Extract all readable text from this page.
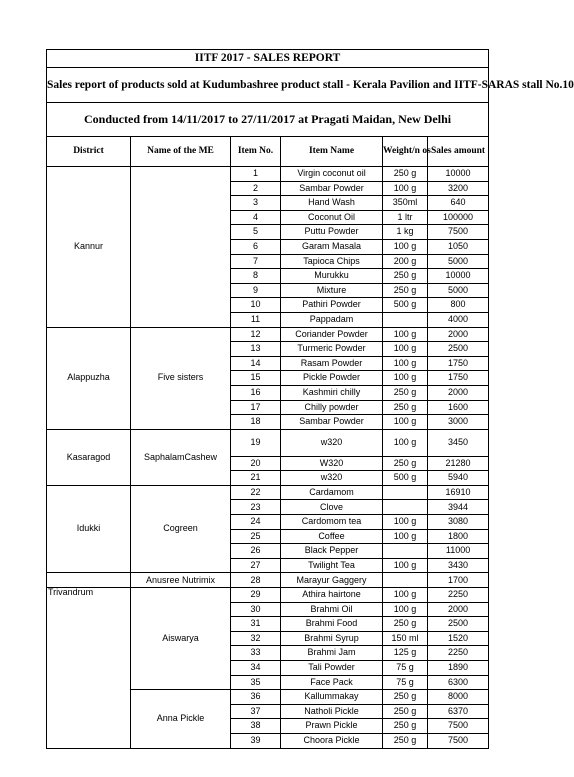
IITF 2017 - SALES REPORT					
Sales report of products sold at Kudumbashree product stall - Kerala Pavilion and IITF-SARAS stall No.10					
Conducted from 14/11/2017 to 27/11/2017 at Pragati Maidan, New Delhi					
District	Name of the ME	Item No.	Item Name	Weight/n os	Sales amount
Kannur		1	Virgin coconut oil	250 g	10000
		2	Sambar Powder	100 g	3200
		3	Hand Wash	350ml	640
		4	Coconut Oil	1 ltr	100000
		5	Puttu Powder	1 kg	7500
		6	Garam Masala	100 g	1050
		7	Tapioca Chips	200 g	5000
		8	Murukku	250 g	10000
		9	Mixture	250 g	5000
		10	Pathiri Powder	500 g	800
		11	Pappadam		4000
Alappuzha	Five sisters	12	Coriander Powder	100 g	2000
		13	Turmeric Powder	100 g	2500
		14	Rasam Powder	100 g	1750
		15	Pickle Powder	100 g	1750
		16	Kashmiri chilly	250 g	2000
		17	Chilly powder	250 g	1600
		18	Sambar Powder	100 g	3000
Kasaragod	SaphalamCashew	19	w320	100 g	3450
		20	W320	250 g	21280
		21	w320	500 g	5940
Idukki	Cogreen	22	Cardamom		16910
		23	Clove		3944
		24	Cardomom tea	100 g	3080
		25	Coffee	100 g	1800
		26	Black Pepper		11000
		27	Twilight Tea	100 g	3430
	Anusree Nutrimix	28	Marayur Gaggery		1700
Trivandrum	Aiswarya	29	Athira hairtone	100 g	2250
		30	Brahmi Oil	100 g	2000
		31	Brahmi Food	250 g	2500
		32	Brahmi Syrup	150 ml	1520
		33	Brahmi Jam	125 g	2250
		34	Tali Powder	75 g	1890
		35	Face Pack	75 g	6300
	Anna Pickle	36	Kallummakay	250 g	8000
		37	Natholi Pickle	250 g	6370
		38	Prawn Pickle	250 g	7500
		39	Choora Pickle	250 g	7500
